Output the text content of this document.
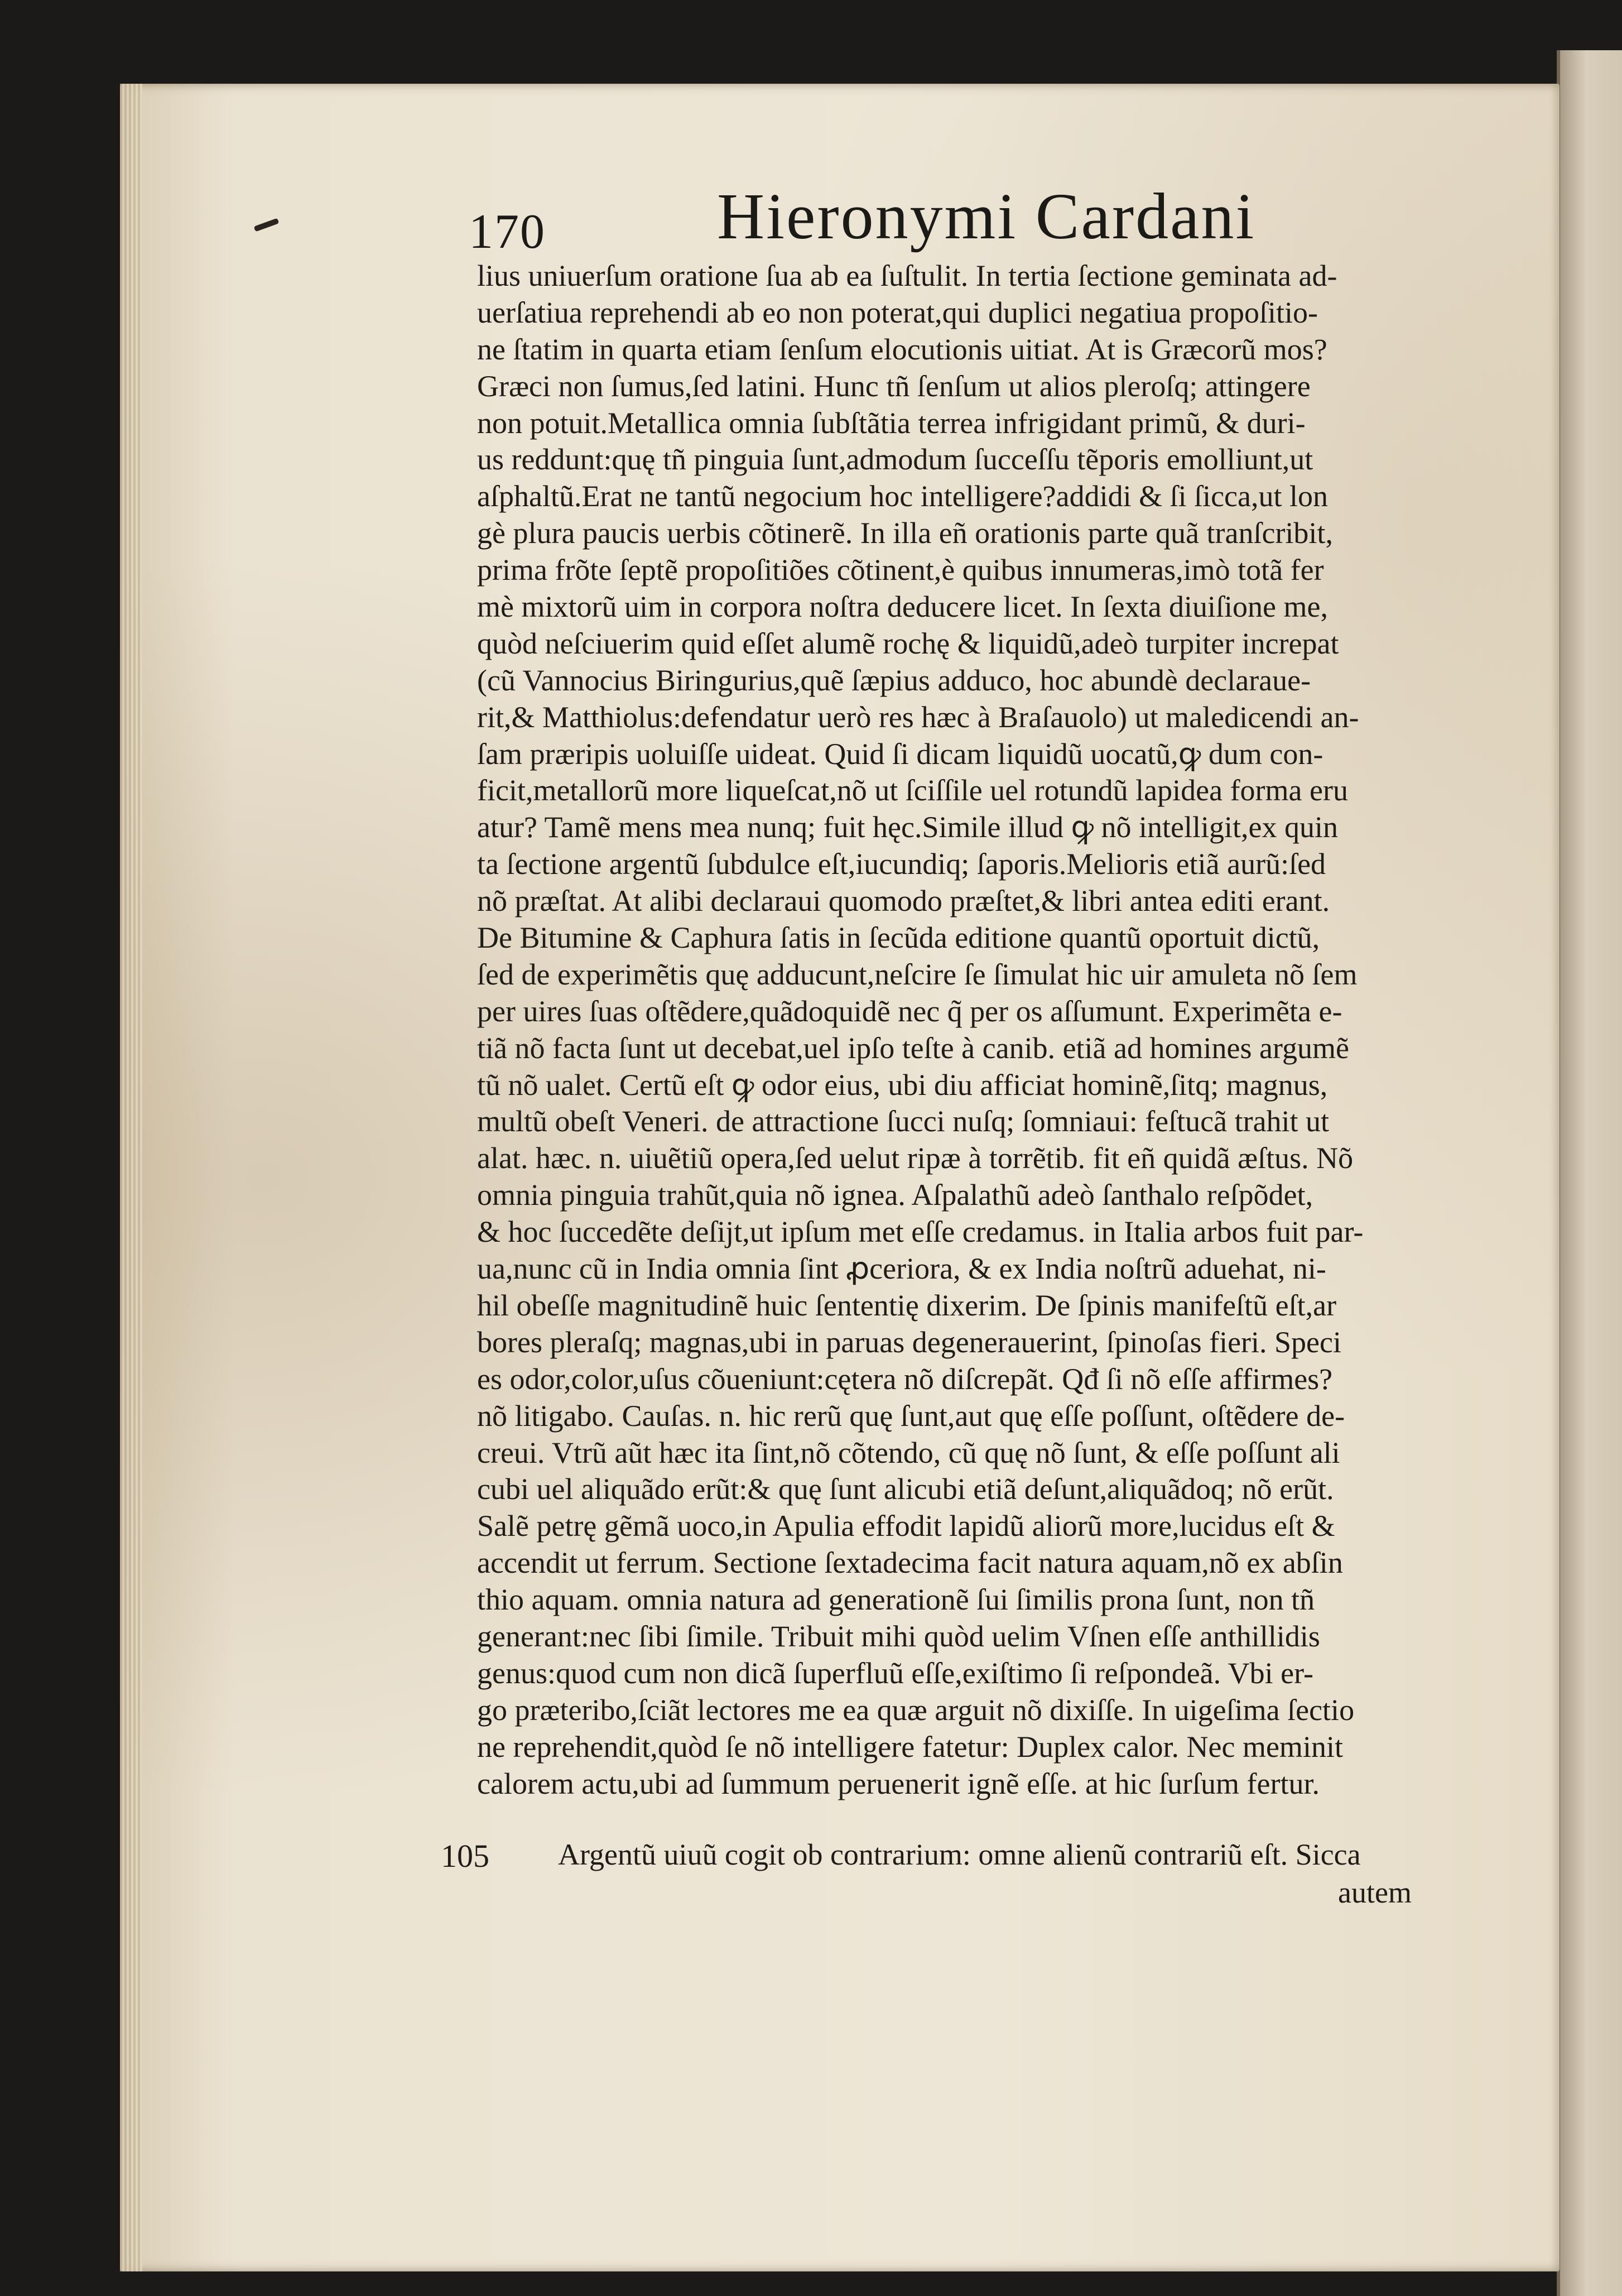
170	Hieronymi Cardani
lius uniuerſum oratione ſua ab ea ſuſtulit. In tertia ſectione geminata ad-
uerſatiua reprehendi ab eo non poterat,qui duplici negatiua propoſitio-
ne ſtatim in quarta etiam ſenſum elocutionis uitiat. At is Græcorũ mos?
Græci non ſumus,ſed latini. Hunc tñ ſenſum ut alios pleroſq; attingere
non potuit.Metallica omnia ſubſtãtia terrea infrigidant primũ, & duri-
us reddunt:quę tñ pinguia ſunt,admodum ſucceſſu tẽporis emolliunt,ut
aſphaltũ.Erat ne tantũ negocium hoc intelligere?addidi & ſi ſicca,ut lon
gè plura paucis uerbis cõtinerẽ. In illa eñ orationis parte quã tranſcribit,
prima frõte ſeptẽ propoſitiões cõtinent,è quibus innumeras,imò totã fer
mè mixtorũ uim in corpora noſtra deducere licet. In ſexta diuiſione me,
quòd neſciuerim quid eſſet alumẽ rochę & liquidũ,adeò turpiter increpat
(cũ Vannocius Biringurius,quẽ ſæpius adduco, hoc abundè declaraue-
rit,& Matthiolus:defendatur uerò res hæc à Braſauolo) ut maledicendi an-
ſam præripis uoluiſſe uideat. Quid ſi dicam liquidũ uocatũ,ꝙ dum con-
ficit,metallorũ more liqueſcat,nõ ut ſciſſile uel rotundũ lapidea forma eru
atur? Tamẽ mens mea nunq; fuit hęc.Simile illud ꝙ nõ intelligit,ex quin
ta ſectione argentũ ſubdulce eſt,iucundiq; ſaporis.Melioris etiã aurũ:ſed
nõ præſtat. At alibi declaraui quomodo præſtet,& libri antea editi erant.
De Bitumine & Caphura ſatis in ſecũda editione quantũ oportuit dictũ,
ſed de experimẽtis quę adducunt,neſcire ſe ſimulat hic uir amuleta nõ ſem
per uires ſuas oſtẽdere,quãdoquidẽ nec q̃ per os aſſumunt. Experimẽta e-
tiã nõ facta ſunt ut decebat,uel ipſo teſte à canib. etiã ad homines argumẽ
tũ nõ ualet. Certũ eſt ꝙ odor eius, ubi diu afficiat hominẽ,ſitq; magnus,
multũ obeſt Veneri. de attractione ſucci nuſq; ſomniaui: feſtucã trahit ut
alat. hæc. n. uiuẽtiũ opera,ſed uelut ripæ à torrẽtib. fit eñ quidã æſtus. Nõ
omnia pinguia trahũt,quia nõ ignea. Aſpalathũ adeò ſanthalo reſpõdet,
& hoc ſuccedẽte deſijt,ut ipſum met eſſe credamus. in Italia arbos fuit par-
ua,nunc cũ in India omnia ſint ꝓceriora, & ex India noſtrũ aduehat, ni-
hil obeſſe magnitudinẽ huic ſententię dixerim. De ſpinis manifeſtũ eſt,ar
bores pleraſq; magnas,ubi in paruas degenerauerint, ſpinoſas fieri. Speci
es odor,color,uſus cõueniunt:cętera nõ diſcrepãt. Qđ ſi nõ eſſe affirmes?
nõ litigabo. Cauſas. n. hic rerũ quę ſunt,aut quę eſſe poſſunt, oſtẽdere de-
creui. Vtrũ aũt hæc ita ſint,nõ cõtendo, cũ quę nõ ſunt, & eſſe poſſunt ali
cubi uel aliquãdo erũt:& quę ſunt alicubi etiã deſunt,aliquãdoq; nõ erũt.
Salẽ petrę gẽmã uoco,in Apulia effodit lapidũ aliorũ more,lucidus eſt &
accendit ut ferrum. Sectione ſextadecima facit natura aquam,nõ ex abſin
thio aquam. omnia natura ad generationẽ ſui ſimilis prona ſunt, non tñ
generant:nec ſibi ſimile. Tribuit mihi quòd uelim Vſnen eſſe anthillidis
genus:quod cum non dicã ſuperfluũ eſſe,exiſtimo ſi reſpondeã. Vbi er-
go præteribo,ſciãt lectores me ea quæ arguit nõ dixiſſe. In uigeſima ſectio
ne reprehendit,quòd ſe nõ intelligere fatetur: Duplex calor. Nec meminit
calorem actu,ubi ad ſummum peruenerit ignẽ eſſe. at hic ſurſum fertur.
105 Argentũ uiuũ cogit ob contrarium: omne alienũ contrariũ eſt. Sicca
autem
